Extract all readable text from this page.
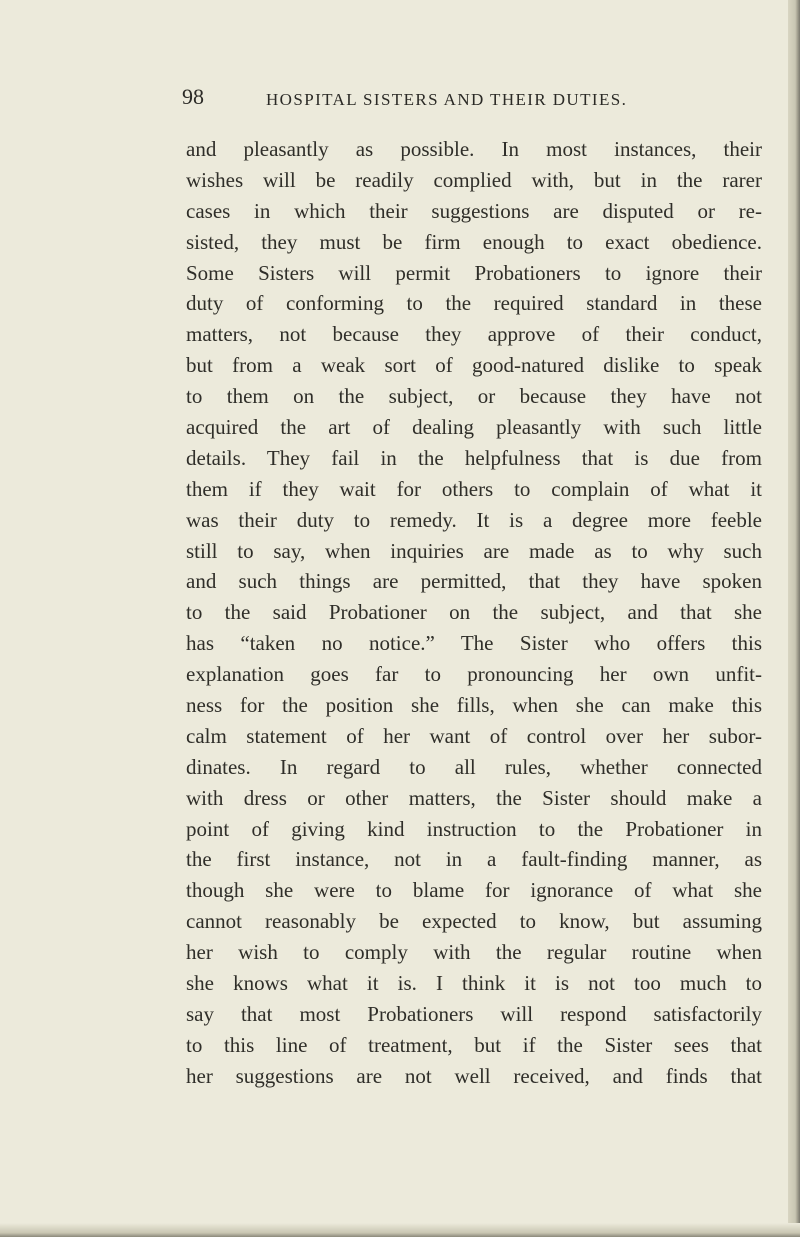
98	HOSPITAL SISTERS AND THEIR DUTIES.
and pleasantly as possible. In most instances, their
wishes will be readily complied with, but in the rarer
cases in which their suggestions are disputed or re-
sisted, they must be firm enough to exact obedience.
Some Sisters will permit Probationers to ignore their
duty of conforming to the required standard in these
matters, not because they approve of their conduct,
but from a weak sort of good-natured dislike to speak
to them on the subject, or because they have not
acquired the art of dealing pleasantly with such little
details. They fail in the helpfulness that is due from
them if they wait for others to complain of what it
was their duty to remedy. It is a degree more feeble
still to say, when inquiries are made as to why such
and such things are permitted, that they have spoken
to the said Probationer on the subject, and that she
has “taken no notice.” The Sister who offers this
explanation goes far to pronouncing her own unfit-
ness for the position she fills, when she can make this
calm statement of her want of control over her subor-
dinates. In regard to all rules, whether connected
with dress or other matters, the Sister should make a
point of giving kind instruction to the Probationer in
the first instance, not in a fault-finding manner, as
though she were to blame for ignorance of what she
cannot reasonably be expected to know, but assuming
her wish to comply with the regular routine when
she knows what it is. I think it is not too much to
say that most Probationers will respond satisfactorily
to this line of treatment, but if the Sister sees that
her suggestions are not well received, and finds that
